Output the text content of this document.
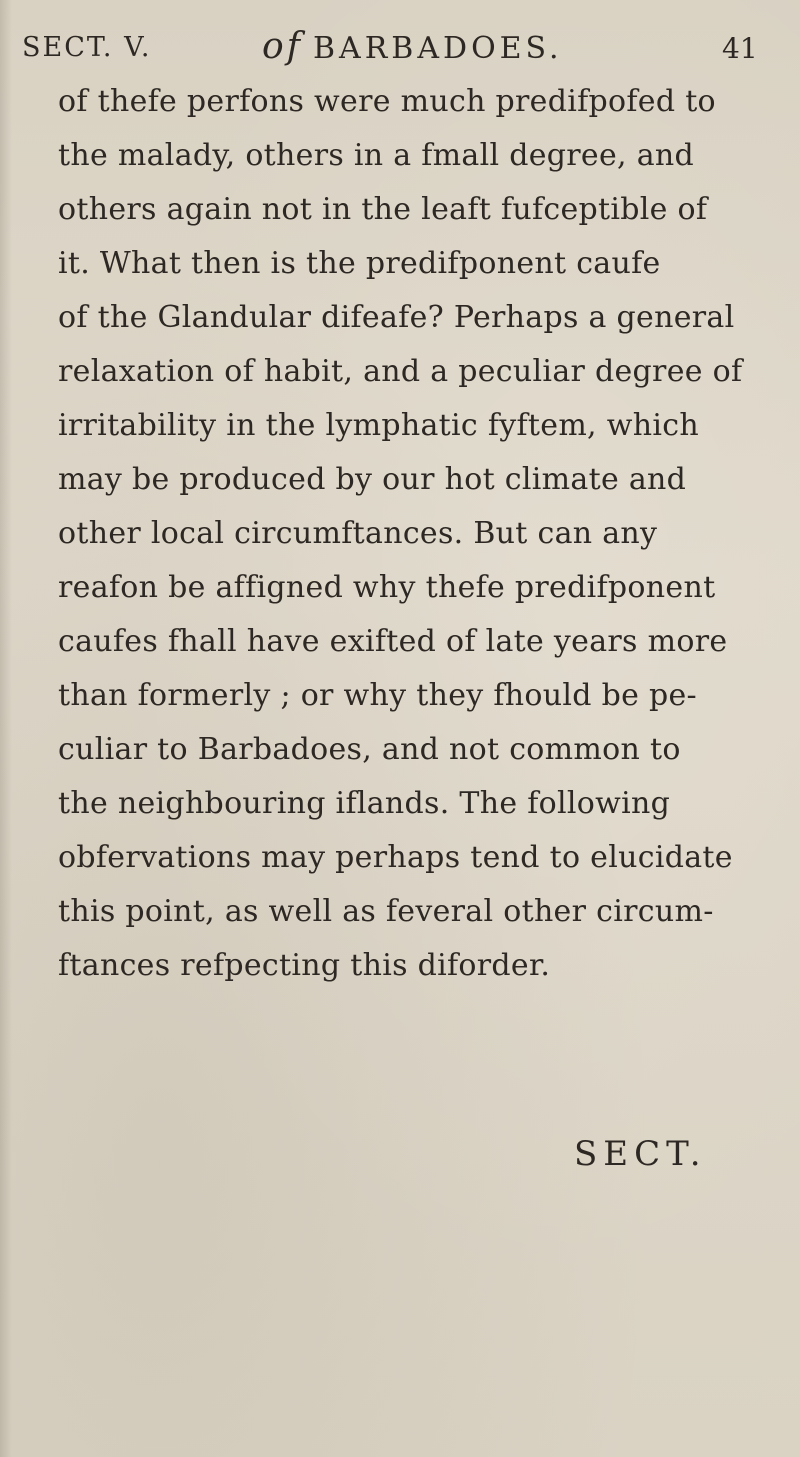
SECT. V.	of BARBADOES.	41
of thefe perfons were much predifpofed to
the malady, others in a fmall degree, and
others again not in the leaft fufceptible of
it. What then is the predifponent caufe
of the Glandular difeafe? Perhaps a general
relaxation of habit, and a peculiar degree of
irritability in the lymphatic fyftem, which
may be produced by our hot climate and
other local circumftances. But can any
reafon be affigned why thefe predifponent
caufes fhall have exifted of late years more
than formerly ; or why they fhould be pe-
culiar to Barbadoes, and not common to
the neighbouring iflands. The following
obfervations may perhaps tend to elucidate
this point, as well as feveral other circum-
ftances refpecting this diforder.
SECT.
